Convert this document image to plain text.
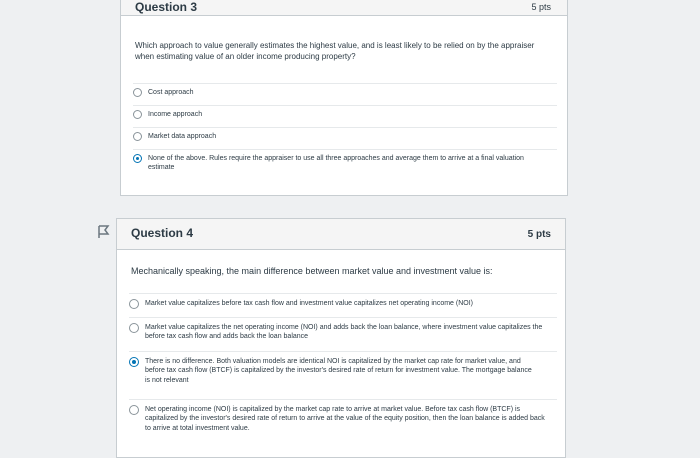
Question 3	5 pts
Which approach to value generally estimates the highest value, and is least likely to be relied on by the appraiser when estimating value of an older income producing property?
Cost approach
Income approach
Market data approach
None of the above. Rules require the appraiser to use all three approaches and average them to arrive at a final valuation estimate
Question 4	5 pts
Mechanically speaking, the main difference between market value and investment value is:
Market value capitalizes before tax cash flow and investment value capitalizes net operating income (NOI)
Market value capitalizes the net operating income (NOI) and adds back the loan balance, where investment value capitalizes the before tax cash flow and adds back the loan balance
There is no difference. Both valuation models are identical NOI is capitalized by the market cap rate for market value, and before tax cash flow (BTCF) is capitalized by the investor's desired rate of return for investment value. The mortgage balance is not relevant
Net operating income (NOI) is capitalized by the market cap rate to arrive at market value. Before tax cash flow (BTCF) is capitalized by the investor's desired rate of return to arrive at the value of the equity position, then the loan balance is added back to arrive at total investment value.
